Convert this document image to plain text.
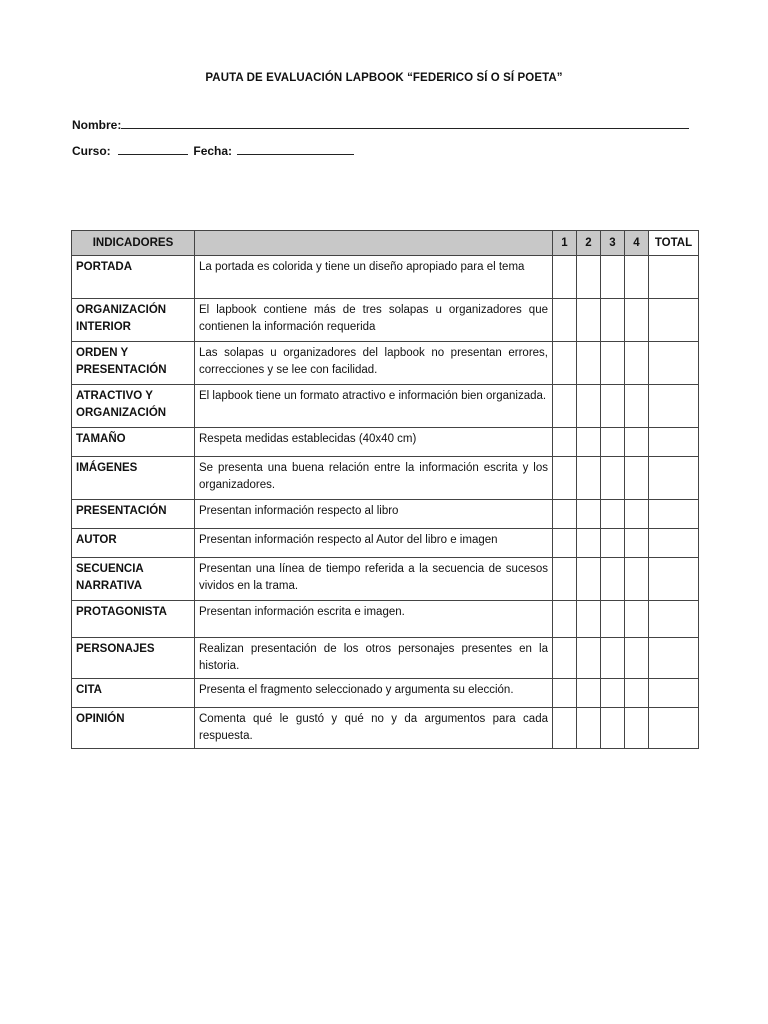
PAUTA DE EVALUACIÓN LAPBOOK “FEDERICO SÍ O SÍ POETA”
Nombre:
Curso:	Fecha:
INDICADORES		1	2	3	4	TOTAL
PORTADA	La portada es colorida y tiene un diseño apropiado para el tema					
ORGANIZACIÓN INTERIOR	El lapbook contiene más de tres solapas u organizadores que contienen la información requerida					
ORDEN Y PRESENTACIÓN	Las solapas u organizadores del lapbook no presentan errores, correcciones y se lee con facilidad.					
ATRACTIVO Y ORGANIZACIÓN	El lapbook tiene un formato atractivo e información bien organizada.					
TAMAÑO	Respeta medidas establecidas (40x40 cm)					
IMÁGENES	Se presenta una buena relación entre la información escrita y los organizadores.					
PRESENTACIÓN	Presentan información respecto al libro					
AUTOR	Presentan información respecto al Autor del libro e imagen					
SECUENCIA NARRATIVA	Presentan una línea de tiempo referida a la secuencia de sucesos vividos en la trama.					
PROTAGONISTA	Presentan información escrita e imagen.					
PERSONAJES	Realizan presentación de los otros personajes presentes en la historia.					
CITA	Presenta el fragmento seleccionado y argumenta su elección.					
OPINIÓN	Comenta qué le gustó y qué no y da argumentos para cada respuesta.					
